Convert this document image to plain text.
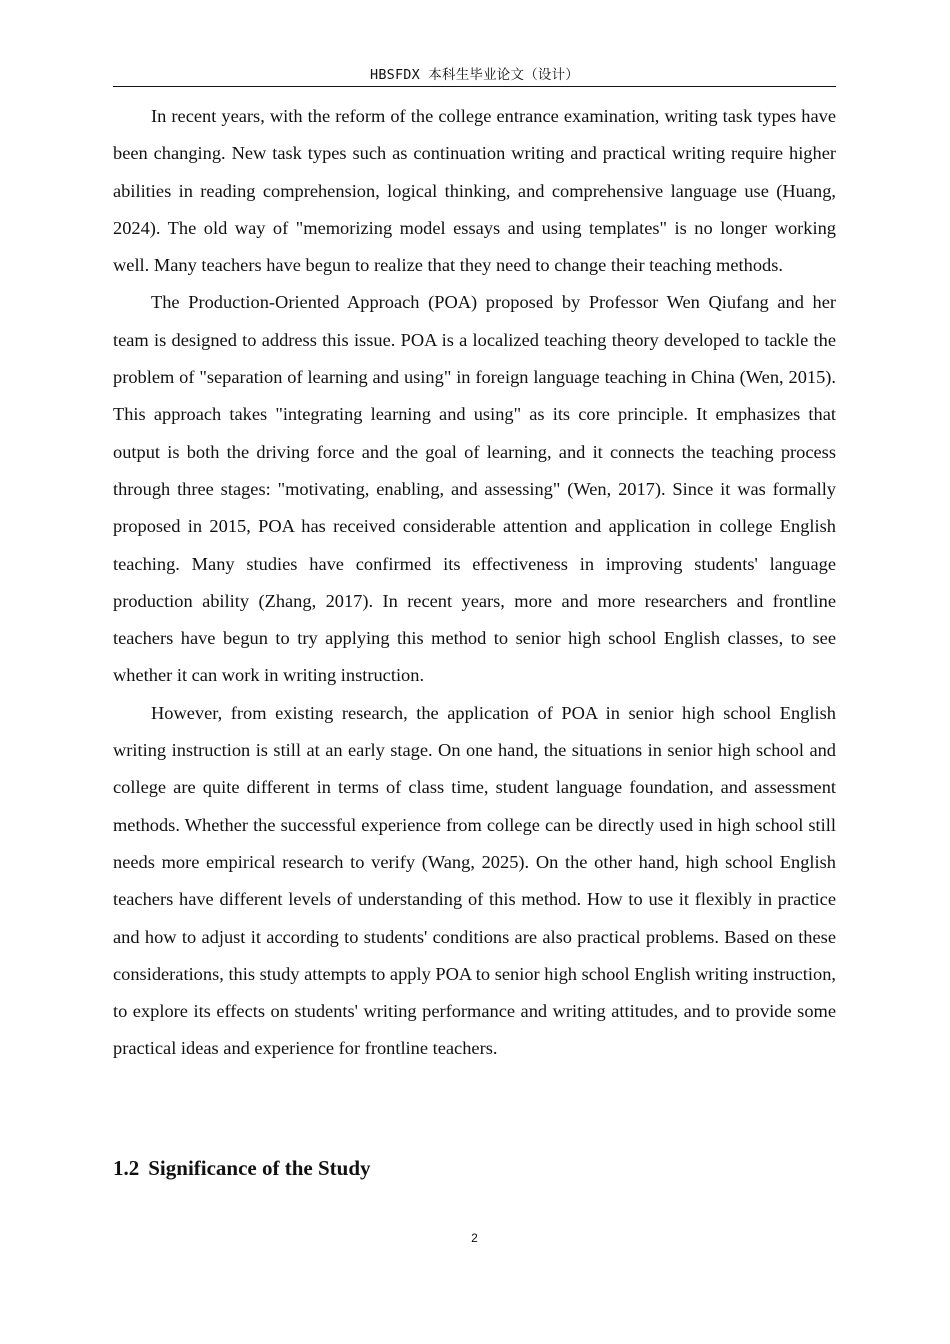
HBSFDX 本科生毕业论文（设计）

In recent years, with the reform of the college entrance examination, writing task types have been changing. New task types such as continuation writing and practical writing require higher abilities in reading comprehension, logical thinking, and comprehensive language use (Huang, 2024). The old way of "memorizing model essays and using templates" is no longer working well. Many teachers have begun to realize that they need to change their teaching methods.

The Production-Oriented Approach (POA) proposed by Professor Wen Qiufang and her team is designed to address this issue. POA is a localized teaching theory developed to tackle the problem of "separation of learning and using" in foreign language teaching in China (Wen, 2015). This approach takes "integrating learning and using" as its core principle. It emphasizes that output is both the driving force and the goal of learning, and it connects the teaching process through three stages: "motivating, enabling, and assessing" (Wen, 2017). Since it was formally proposed in 2015, POA has received considerable attention and application in college English teaching. Many studies have confirmed its effectiveness in improving students' language production ability (Zhang, 2017). In recent years, more and more researchers and frontline teachers have begun to try applying this method to senior high school English classes, to see whether it can work in writing instruction.

However, from existing research, the application of POA in senior high school English writing instruction is still at an early stage. On one hand, the situations in senior high school and college are quite different in terms of class time, student language foundation, and assessment methods. Whether the successful experience from college can be directly used in high school still needs more empirical research to verify (Wang, 2025). On the other hand, high school English teachers have different levels of understanding of this method. How to use it flexibly in practice and how to adjust it according to students' conditions are also practical problems. Based on these considerations, this study attempts to apply POA to senior high school English writing instruction, to explore its effects on students' writing performance and writing attitudes, and to provide some practical ideas and experience for frontline teachers.

1.2 Significance of the Study
2
